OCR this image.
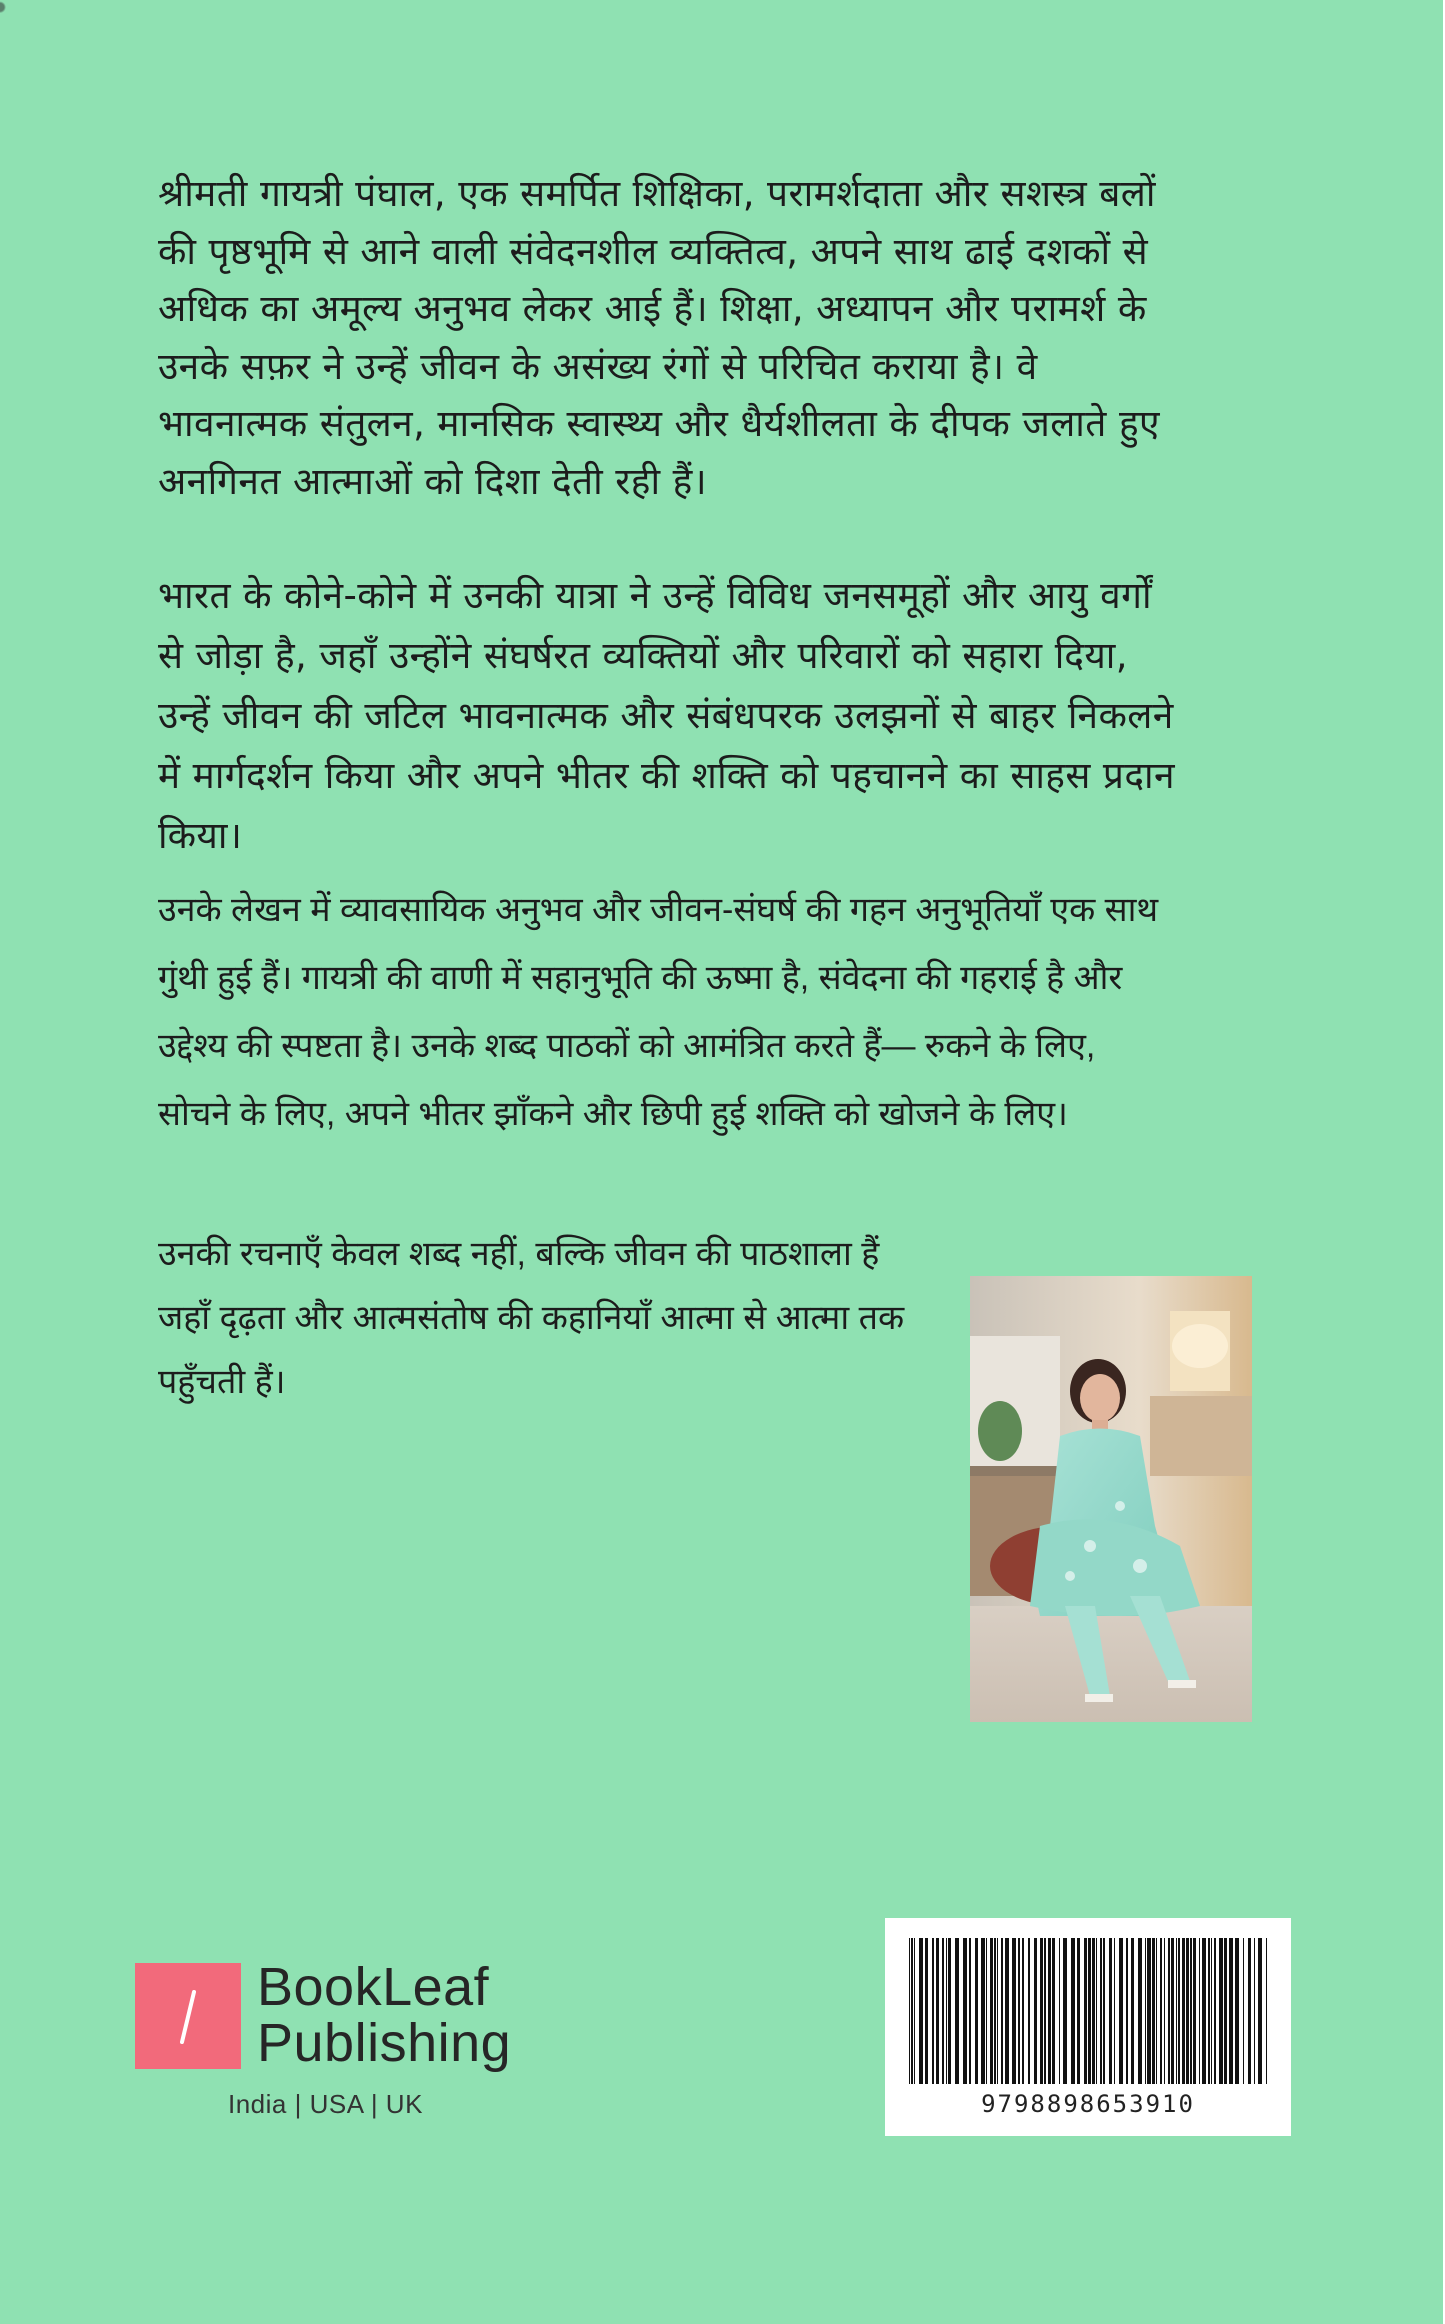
श्रीमती गायत्री पंघाल, एक समर्पित शिक्षिका, परामर्शदाता और सशस्त्र बलों की पृष्ठभूमि से आने वाली संवेदनशील व्यक्तित्व, अपने साथ ढाई दशकों से अधिक का अमूल्य अनुभव लेकर आई हैं। शिक्षा, अध्यापन और परामर्श के उनके सफ़र ने उन्हें जीवन के असंख्य रंगों से परिचित कराया है। वे भावनात्मक संतुलन, मानसिक स्वास्थ्य और धैर्यशीलता के दीपक जलाते हुए अनगिनत आत्माओं को दिशा देती रही हैं।

भारत के कोने-कोने में उनकी यात्रा ने उन्हें विविध जनसमूहों और आयु वर्गों से जोड़ा है, जहाँ उन्होंने संघर्षरत व्यक्तियों और परिवारों को सहारा दिया, उन्हें जीवन की जटिल भावनात्मक और संबंधपरक उलझनों से बाहर निकलने में मार्गदर्शन किया और अपने भीतर की शक्ति को पहचानने का साहस प्रदान किया।

उनके लेखन में व्यावसायिक अनुभव और जीवन-संघर्ष की गहन अनुभूतियाँ एक साथ गुंथी हुई हैं। गायत्री की वाणी में सहानुभूति की ऊष्मा है, संवेदना की गहराई है और उद्देश्य की स्पष्टता है। उनके शब्द पाठकों को आमंत्रित करते हैं— रुकने के लिए, सोचने के लिए, अपने भीतर झाँकने और छिपी हुई शक्ति को खोजने के लिए।

उनकी रचनाएँ केवल शब्द नहीं, बल्कि जीवन की पाठशाला हैं जहाँ दृढ़ता और आत्मसंतोष की कहानियाँ आत्मा से आत्मा तक पहुँचती हैं।

BookLeaf

Publishing

India | USA | UK	9798898653910
